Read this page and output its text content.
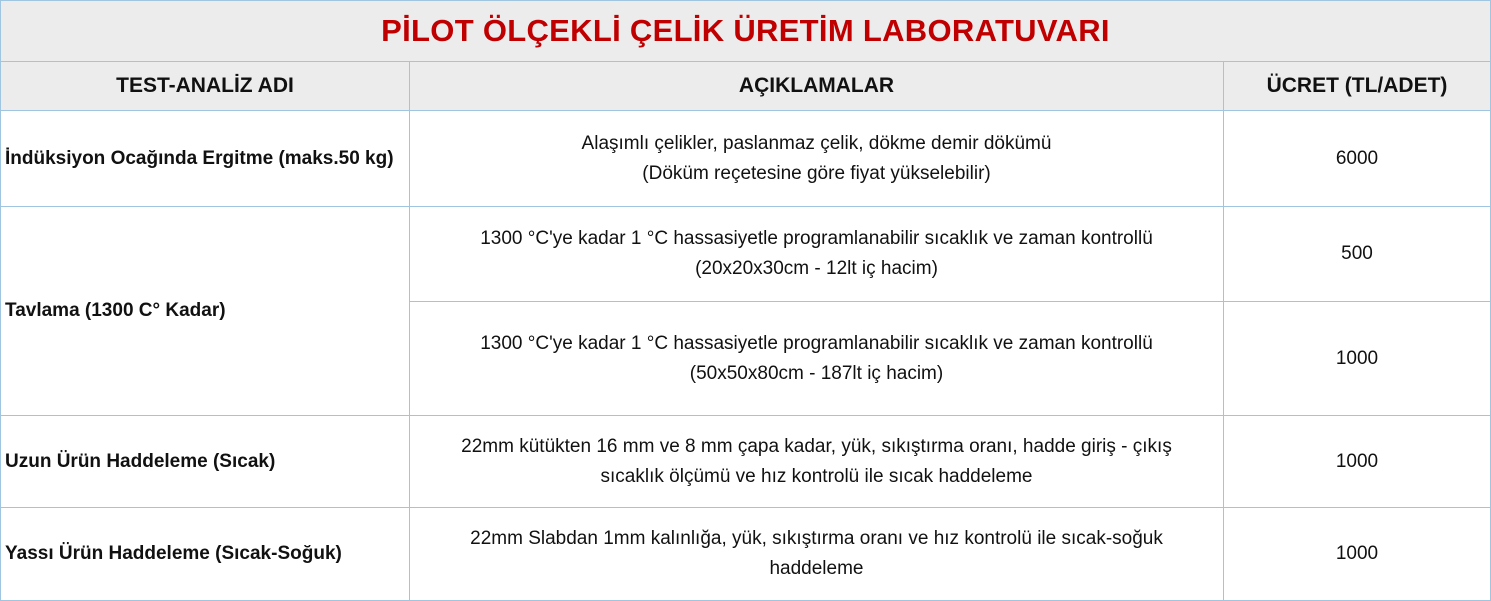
PİLOT ÖLÇEKLİ ÇELİK ÜRETİM LABORATUVARI
TEST-ANALİZ ADI	AÇIKLAMALAR	ÜCRET (TL/ADET)
İndüksiyon Ocağında Ergitme (maks.50 kg)
Alaşımlı çelikler, paslanmaz çelik, dökme demir dökümü
(Döküm reçetesine göre fiyat yükselebilir)
6000
Tavlama (1300 C° Kadar)
1300 °C'ye kadar 1 °C hassasiyetle programlanabilir sıcaklık ve zaman kontrollü
(20x20x30cm - 12lt iç hacim)
500
1300 °C'ye kadar 1 °C hassasiyetle programlanabilir sıcaklık ve zaman kontrollü
(50x50x80cm - 187lt iç hacim)
1000
Uzun Ürün Haddeleme (Sıcak)
22mm kütükten 16 mm ve 8 mm çapa kadar, yük, sıkıştırma oranı, hadde giriş - çıkış
sıcaklık ölçümü ve hız kontrolü ile sıcak haddeleme
1000
Yassı Ürün Haddeleme (Sıcak-Soğuk)
22mm Slabdan 1mm kalınlığa, yük, sıkıştırma oranı ve hız kontrolü ile sıcak-soğuk
haddeleme
1000
